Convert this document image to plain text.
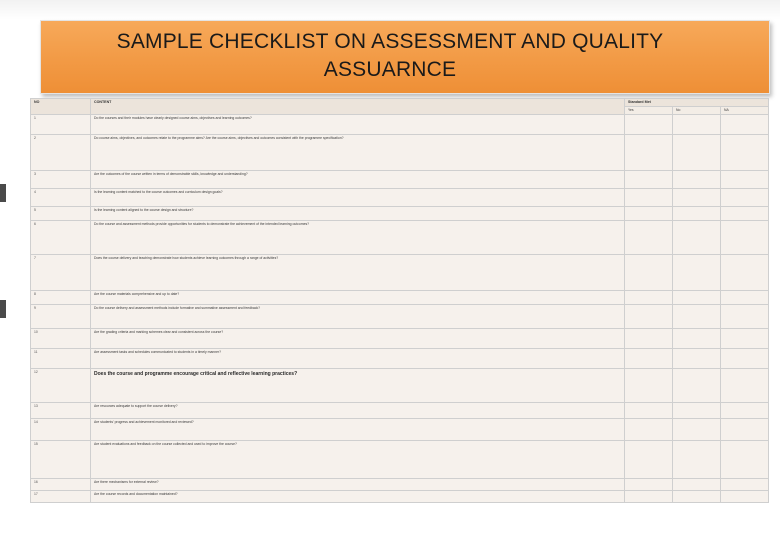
SAMPLE CHECKLIST ON ASSESSMENT AND QUALITY
ASSUARNCE
NO	CONTENT	Standard Met		
		Yes	No	NA
1	Do the courses and their modules have clearly designed course aims, objectives and learning outcomes?			
2	Do course aims, objectives, and outcomes relate to the programme aims? Are the course aims, objectives and outcomes consistent with the programme specification?			
3	Are the outcomes of the course written in terms of demonstrable skills, knowledge and understanding?			
4	Is the learning content matched to the course outcomes and curriculum design goals?			
5	Is the learning content aligned to the course design and structure?			
6	Do the course and assessment methods provide opportunities for students to demonstrate the achievement of the intended learning outcomes?			
7	Does the course delivery and teaching demonstrate how students achieve learning outcomes through a range of activities?			
8	Are the course materials comprehensive and up to date?			
9	Do the course delivery and assessment methods include formative and summative assessment and feedback?			
10	Are the grading criteria and marking schemes clear and consistent across the course?			
11	Are assessment tasks and schedules communicated to students in a timely manner?			
12	Does the course and programme encourage critical and reflective learning practices?			
13	Are resources adequate to support the course delivery?			
14	Are students' progress and achievement monitored and reviewed?			
15	Are student evaluations and feedback on the course collected and used to improve the course?			
16	Are there mechanisms for external review?			
17	Are the course records and documentation maintained?			
